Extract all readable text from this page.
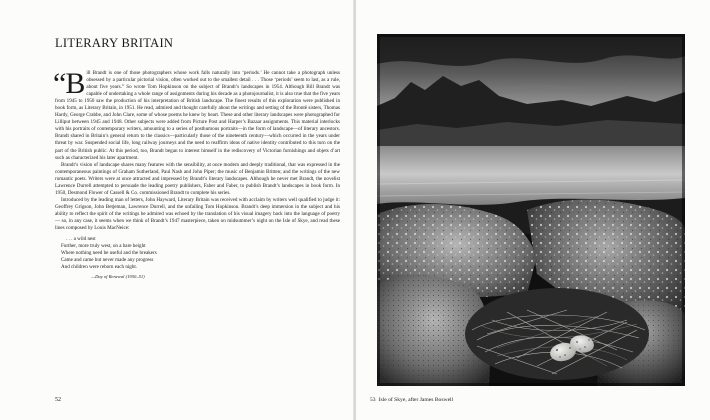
LITERARY BRITAIN

“Bill Brandt is one of those photographers whose work falls naturally into ‘periods.’ He cannot take a photograph unless obsessed by a particular pictorial vision, often worked out to the smallest detail . . . Those ‘periods’ seem to last, as a rule, about five years.” So wrote Tom Hopkinson on the subject of Brandt’s landscapes in 1954. Although Bill Brandt was capable of undertaking a whole range of assignments during his decade as a photojournalist, it is also true that the five years from 1945 to 1950 saw the production of his interpretation of British landscape. The finest results of this exploration were published in book form, as Literary Britain, in 1951. He read, admired and thought carefully about the writings and setting of the Brontë sisters, Thomas Hardy, George Crabbe, and John Clare, some of whose poems he knew by heart. These and other literary landscapes were photographed for Lilliput between 1945 and 1948. Other subjects were added from Picture Post and Harper’s Bazaar assignments. This material interlocks with his portraits of contemporary writers, amounting to a series of posthumous portraits—in the form of landscape—of literary ancestors. Brandt shared in Britain’s general return to the classics—particularly those of the nineteenth century—which occurred in the years under threat by war. Suspended social life, long railway journeys and the need to reaffirm ideas of native identity contributed to this turn on the part of the British public. At this period, too, Brandt began to interest himself in the rediscovery of Victorian furnishings and objets d’art such as characterized his later apartment.

Brandt’s vision of landscape shares many features with the sensibility, at once modern and deeply traditional, that was expressed in the contemporaneous paintings of Graham Sutherland, Paul Nash and John Piper; the music of Benjamin Britten; and the writings of the new romantic poets. Writers were at once attracted and impressed by Brandt’s literary landscapes. Although he never met Brandt, the novelist Lawrence Durrell attempted to persuade the leading poetry publishers, Faber and Faber, to publish Brandt’s landscapes in book form. In 1950, Desmond Flower of Cassell & Co. commissioned Brandt to complete his series.

Introduced by the leading man of letters, John Hayward, Literary Britain was received with acclaim by writers well qualified to judge it: Geoffrey Grigson, John Betjeman, Lawrence Durrell, and the unfailing Tom Hopkinson. Brandt’s deep immersion in the subject and his ability to reflect the spirit of the writings he admired was echoed by the translation of his visual imagery back into the language of poetry — so, in any case, it seems when we think of Brandt’s 1947 masterpiece, taken on midsummer’s night on the Isle of Skye, and read these lines composed by Louis MacNeice:

. . . a wild nest
Further, more truly west, on a bare height
Where nothing need be useful and the breakers
Came and came but never made any progress
And children were reborn each night.
—Day of Renewal (1950–51)
52	53 Isle of Skye, after James Boswell
